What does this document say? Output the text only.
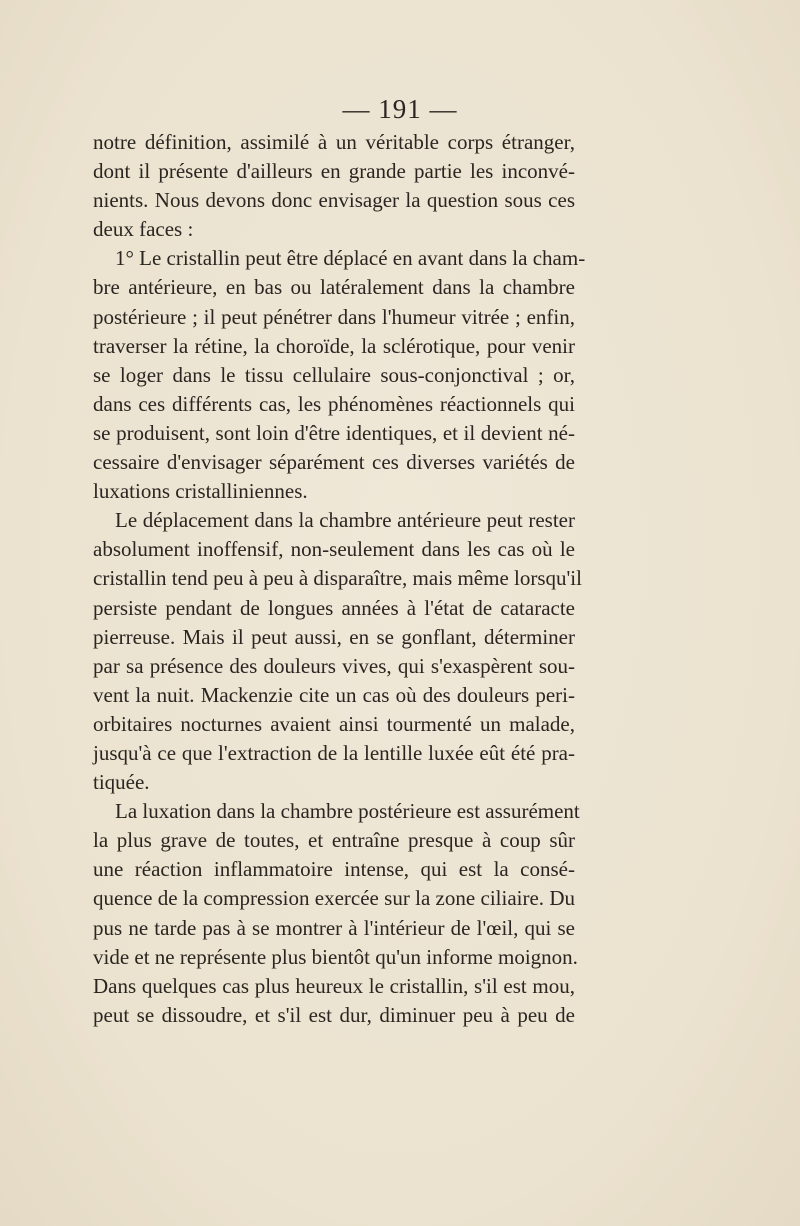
— 191 —
notre définition, assimilé à un véritable corps étranger,
dont il présente d'ailleurs en grande partie les inconvé-
nients. Nous devons donc envisager la question sous ces
deux faces :
1° Le cristallin peut être déplacé en avant dans la cham-
bre antérieure, en bas ou latéralement dans la chambre
postérieure ; il peut pénétrer dans l'humeur vitrée ; enfin,
traverser la rétine, la choroïde, la sclérotique, pour venir
se loger dans le tissu cellulaire sous-conjonctival ; or,
dans ces différents cas, les phénomènes réactionnels qui
se produisent, sont loin d'être identiques, et il devient né-
cessaire d'envisager séparément ces diverses variétés de
luxations cristalliniennes.
Le déplacement dans la chambre antérieure peut rester
absolument inoffensif, non-seulement dans les cas où le
cristallin tend peu à peu à disparaître, mais même lorsqu'il
persiste pendant de longues années à l'état de cataracte
pierreuse. Mais il peut aussi, en se gonflant, déterminer
par sa présence des douleurs vives, qui s'exaspèrent sou-
vent la nuit. Mackenzie cite un cas où des douleurs peri-
orbitaires nocturnes avaient ainsi tourmenté un malade,
jusqu'à ce que l'extraction de la lentille luxée eût été pra-
tiquée.
La luxation dans la chambre postérieure est assurément
la plus grave de toutes, et entraîne presque à coup sûr
une réaction inflammatoire intense, qui est la consé-
quence de la compression exercée sur la zone ciliaire. Du
pus ne tarde pas à se montrer à l'intérieur de l'œil, qui se
vide et ne représente plus bientôt qu'un informe moignon.
Dans quelques cas plus heureux le cristallin, s'il est mou,
peut se dissoudre, et s'il est dur, diminuer peu à peu de
